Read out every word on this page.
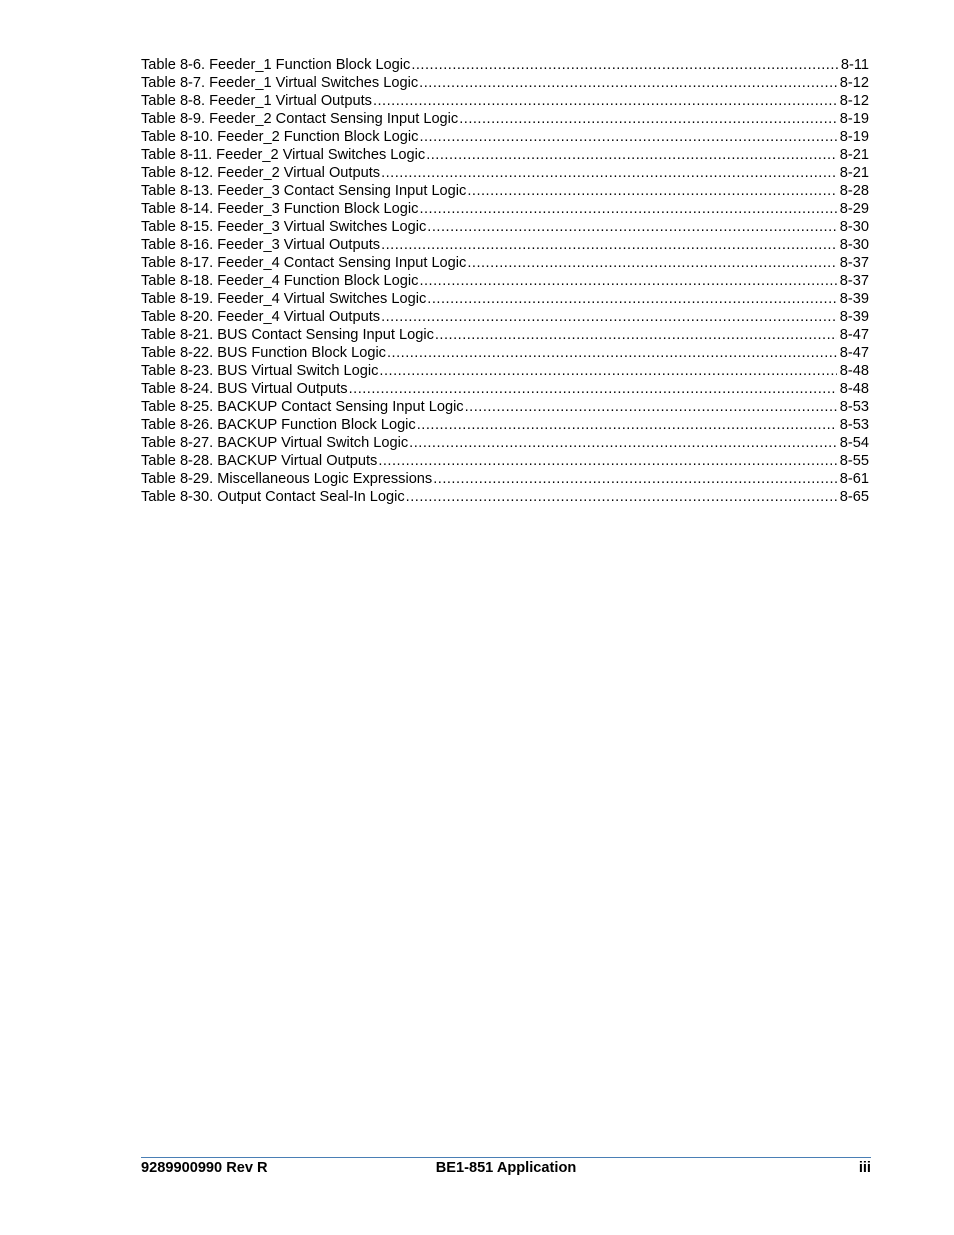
Table 8-6. Feeder_1 Function Block Logic .....	8-11
Table 8-7. Feeder_1 Virtual Switches Logic .....	8-12
Table 8-8. Feeder_1 Virtual Outputs .....	8-12
Table 8-9. Feeder_2 Contact Sensing Input Logic .....	8-19
Table 8-10. Feeder_2 Function Block Logic .....	8-19
Table 8-11. Feeder_2 Virtual Switches Logic .....	8-21
Table 8-12. Feeder_2 Virtual Outputs .....	8-21
Table 8-13. Feeder_3 Contact Sensing Input Logic .....	8-28
Table 8-14. Feeder_3 Function Block Logic .....	8-29
Table 8-15. Feeder_3 Virtual Switches Logic .....	8-30
Table 8-16. Feeder_3 Virtual Outputs .....	8-30
Table 8-17. Feeder_4 Contact Sensing Input Logic .....	8-37
Table 8-18. Feeder_4 Function Block Logic .....	8-37
Table 8-19. Feeder_4 Virtual Switches Logic .....	8-39
Table 8-20. Feeder_4 Virtual Outputs .....	8-39
Table 8-21. BUS Contact Sensing Input Logic .....	8-47
Table 8-22. BUS Function Block Logic .....	8-47
Table 8-23. BUS Virtual Switch Logic .....	8-48
Table 8-24. BUS Virtual Outputs .....	8-48
Table 8-25. BACKUP Contact Sensing Input Logic .....	8-53
Table 8-26. BACKUP Function Block Logic .....	8-53
Table 8-27. BACKUP Virtual Switch Logic .....	8-54
Table 8-28. BACKUP Virtual Outputs .....	8-55
Table 8-29. Miscellaneous Logic Expressions .....	8-61
Table 8-30. Output Contact Seal-In Logic .....	8-65
9289900990 Rev R	BE1-851 Application	iii
